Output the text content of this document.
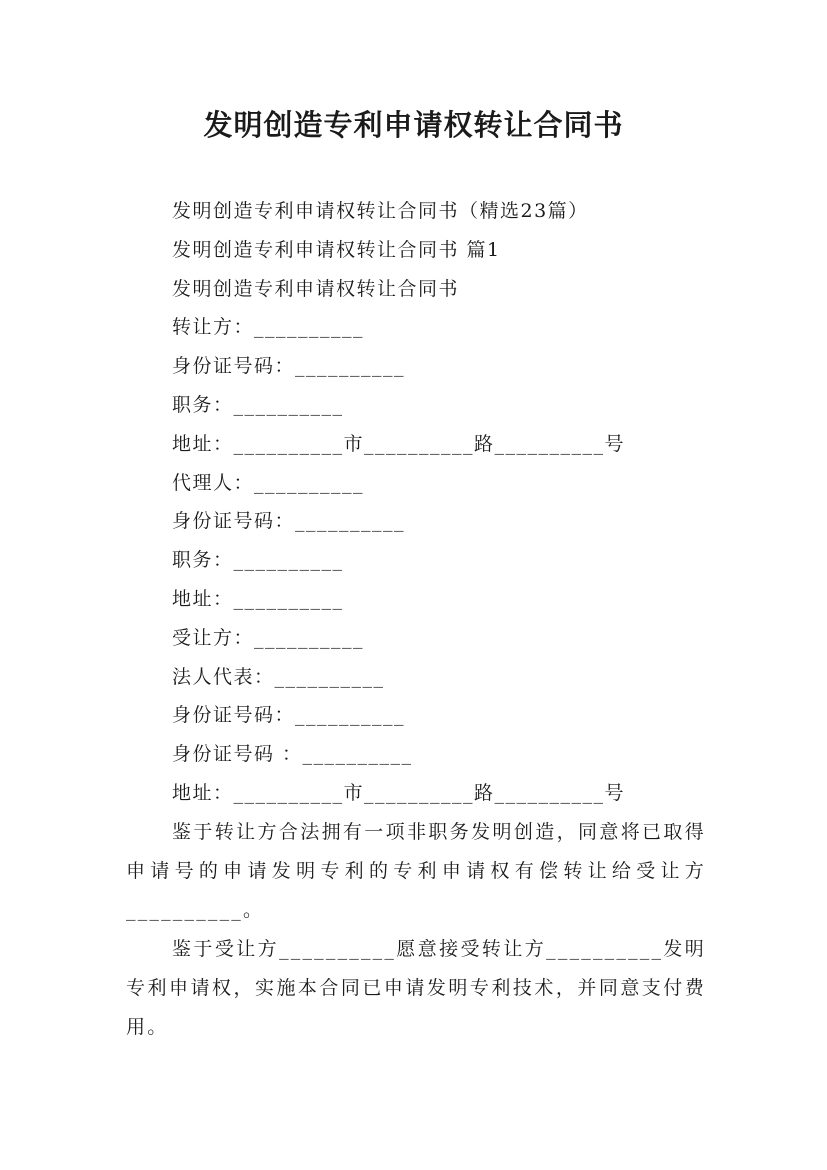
发明创造专利申请权转让合同书
发明创造专利申请权转让合同书（精选23篇）
发明创造专利申请权转让合同书 篇1
发明创造专利申请权转让合同书
转让方：__________
身份证号码：__________
职务：__________
地址：__________市__________路__________号
代理人：__________
身份证号码：__________
职务：__________
地址：__________
受让方：__________
法人代表：__________
身份证号码：__________
身份证号码 ：__________
地址：__________市__________路__________号
鉴于转让方合法拥有一项非职务发明创造，同意将已取得申请号的申请发明专利的专利申请权有偿转让给受让方__________。
鉴于受让方__________愿意接受转让方__________发明专利申请权，实施本合同已申请发明专利技术，并同意支付费用。
